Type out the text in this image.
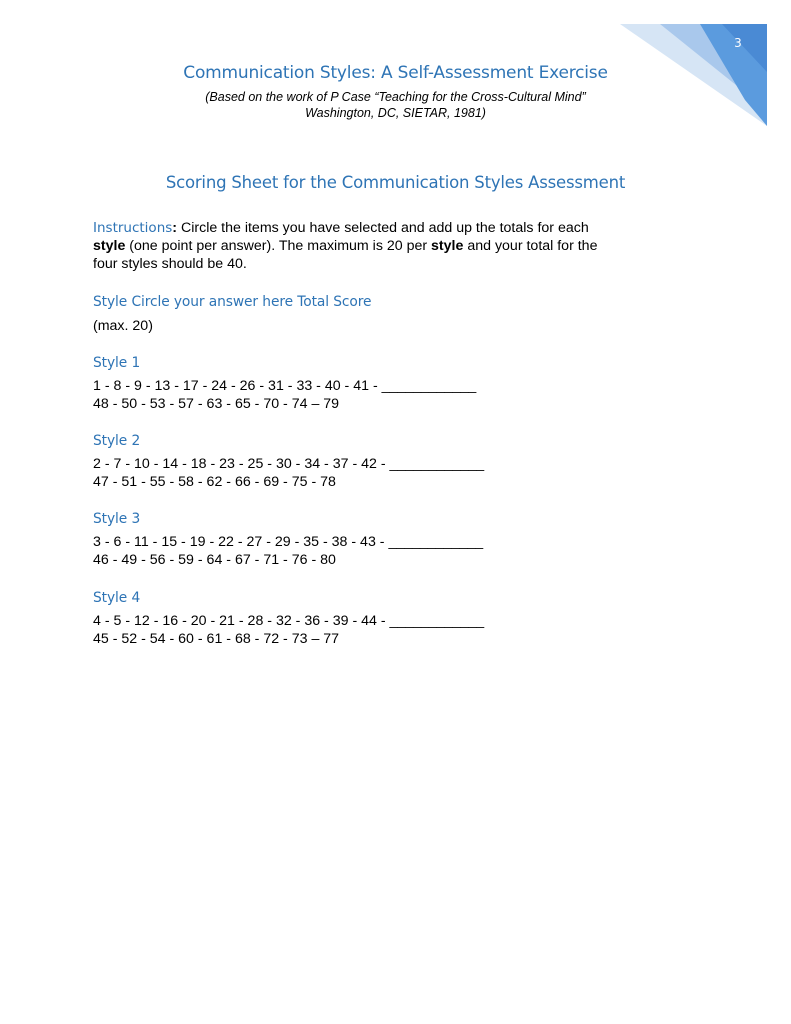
3
Communication Styles: A Self-Assessment Exercise
(Based on the work of P Case “Teaching for the Cross-Cultural Mind”
Washington, DC, SIETAR, 1981)
Scoring Sheet for the Communication Styles Assessment
Instructions: Circle the items you have selected and add up the totals for each
style (one point per answer). The maximum is 20 per style and your total for the
four styles should be 40.
Style Circle your answer here Total Score
(max. 20)
Style 1
1 - 8 - 9 - 13 - 17 - 24 - 26 - 31 - 33 - 40 - 41 - ____________
48 - 50 - 53 - 57 - 63 - 65 - 70 - 74 – 79
Style 2
2 - 7 - 10 - 14 - 18 - 23 - 25 - 30 - 34 - 37 - 42 - ____________
47 - 51 - 55 - 58 - 62 - 66 - 69 - 75 - 78
Style 3
3 - 6 - 11 - 15 - 19 - 22 - 27 - 29 - 35 - 38 - 43 - ____________
46 - 49 - 56 - 59 - 64 - 67 - 71 - 76 - 80
Style 4
4 - 5 - 12 - 16 - 20 - 21 - 28 - 32 - 36 - 39 - 44 - ____________
45 - 52 - 54 - 60 - 61 - 68 - 72 - 73 – 77
